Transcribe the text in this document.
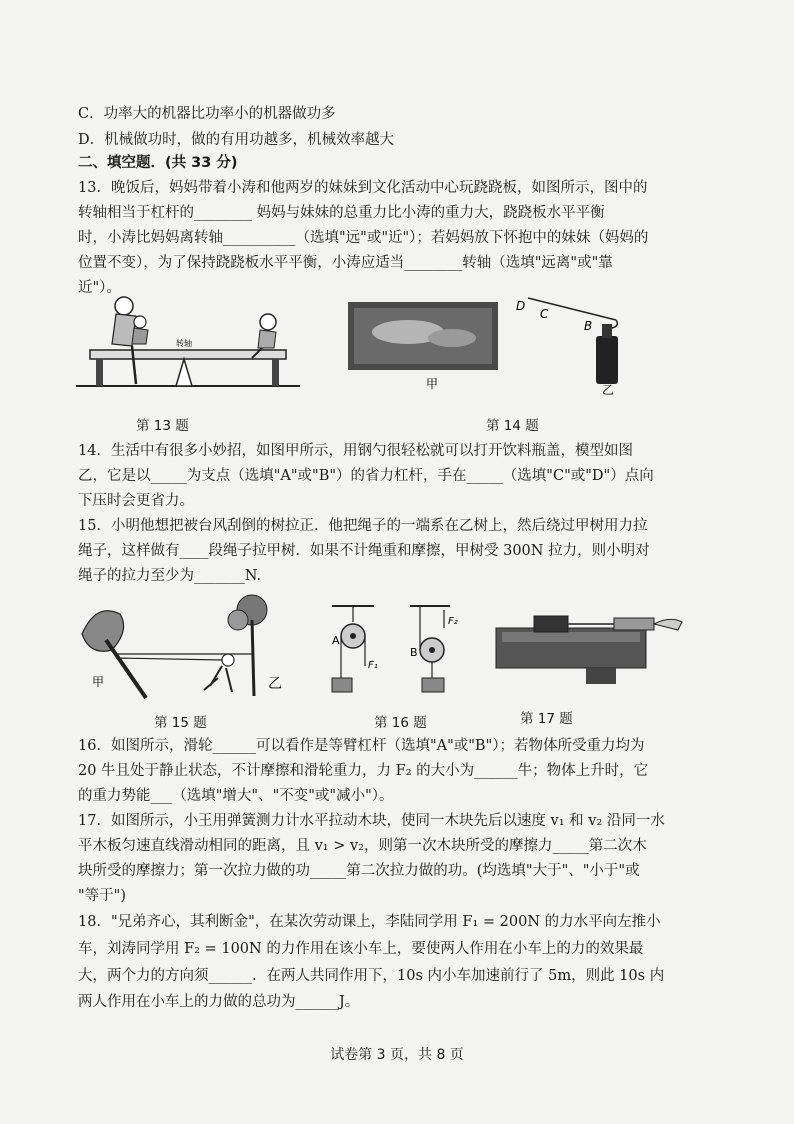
C．功率大的机器比功率小的机器做功多
D．机械做功时，做的有用功越多，机械效率越大
二、填空题．(共 33 分)
13．晚饭后，妈妈带着小涛和他两岁的妹妹到文化活动中心玩跷跷板，如图所示，图中的
转轴相当于杠杆的________ 妈妈与妹妹的总重力比小涛的重力大，跷跷板水平平衡
时，小涛比妈妈离转轴__________（选填"远"或"近"）；若妈妈放下怀抱中的妹妹（妈妈的
位置不变），为了保持跷跷板水平平衡，小涛应适当________转轴（选填"远离"或"靠
近"）。
转轴
甲
D
C
B
乙
第 13 题	第 14 题
14．生活中有很多小妙招，如图甲所示，用钢勺很轻松就可以打开饮料瓶盖，模型如图
乙，它是以_____为支点（选填"A"或"B"）的省力杠杆，手在_____（选填"C"或"D"）点向
下压时会更省力。
15．小明他想把被台风刮倒的树拉正．他把绳子的一端系在乙树上，然后绕过甲树用力拉
绳子，这样做有____段绳子拉甲树．如果不计绳重和摩擦，甲树受 300N 拉力，则小明对
绳子的拉力至少为_______N.
甲	乙
A
F₁
B
F₂
第 15 题	第 16 题	第 17 题
16．如图所示，滑轮______可以看作是等臂杠杆（选填"A"或"B"）；若物体所受重力均为
20 牛且处于静止状态，不计摩擦和滑轮重力，力 F₂ 的大小为______牛；物体上升时，它
的重力势能___（选填"增大"、"不变"或"减小"）。
17．如图所示，小王用弹簧测力计水平拉动木块，使同一木块先后以速度 v₁ 和 v₂ 沿同一水
平木板匀速直线滑动相同的距离，且 v₁ > v₂，则第一次木块所受的摩擦力_____第二次木
块所受的摩擦力；第一次拉力做的功_____第二次拉力做的功。(均选填"大于"、"小于"或
"等于")
18．"兄弟齐心，其利断金"，在某次劳动课上，李陆同学用 F₁ = 200N 的力水平向左推小
车，刘涛同学用 F₂ = 100N 的力作用在该小车上，要使两人作用在小车上的力的效果最
大，两个力的方向须______．在两人共同作用下，10s 内小车加速前行了 5m，则此 10s 内
两人作用在小车上的力做的总功为______J。
试卷第 3 页，共 8 页
